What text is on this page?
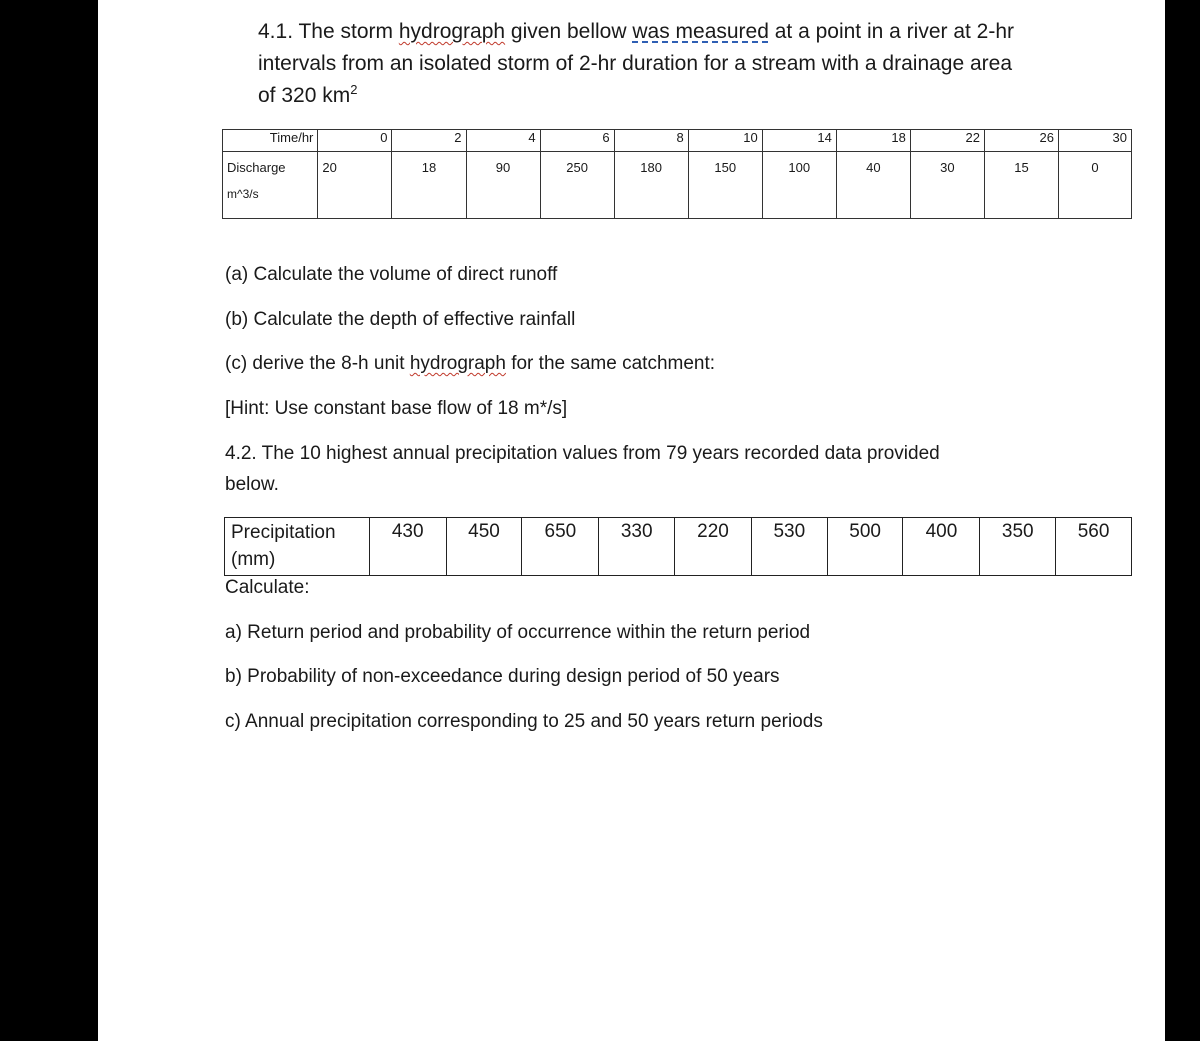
4.1. The storm hydrograph given bellow was measured at a point in a river at 2-hr
intervals from an isolated storm of 2-hr duration for a stream with a drainage area
of 320 $km^2$
Time/hr	0	2	4	6	8	10	14	18	22	26	30
Discharge
m^3/s	20	18	90	250	180	150	100	40	30	15	0
(a) Calculate the volume of direct runoff
(b) Calculate the depth of effective rainfall
(c) derive the 8-h unit hydrograph for the same catchment:
[Hint: Use constant base flow of 18 m*/s]
4.2. The 10 highest annual precipitation values from 79 years recorded data provided
below.
Precipitation
(mm)	430	450	650	330	220	530	500	400	350	560
Calculate:
a) Return period and probability of occurrence within the return period
b) Probability of non-exceedance during design period of 50 years
c) Annual precipitation corresponding to 25 and 50 years return periods
